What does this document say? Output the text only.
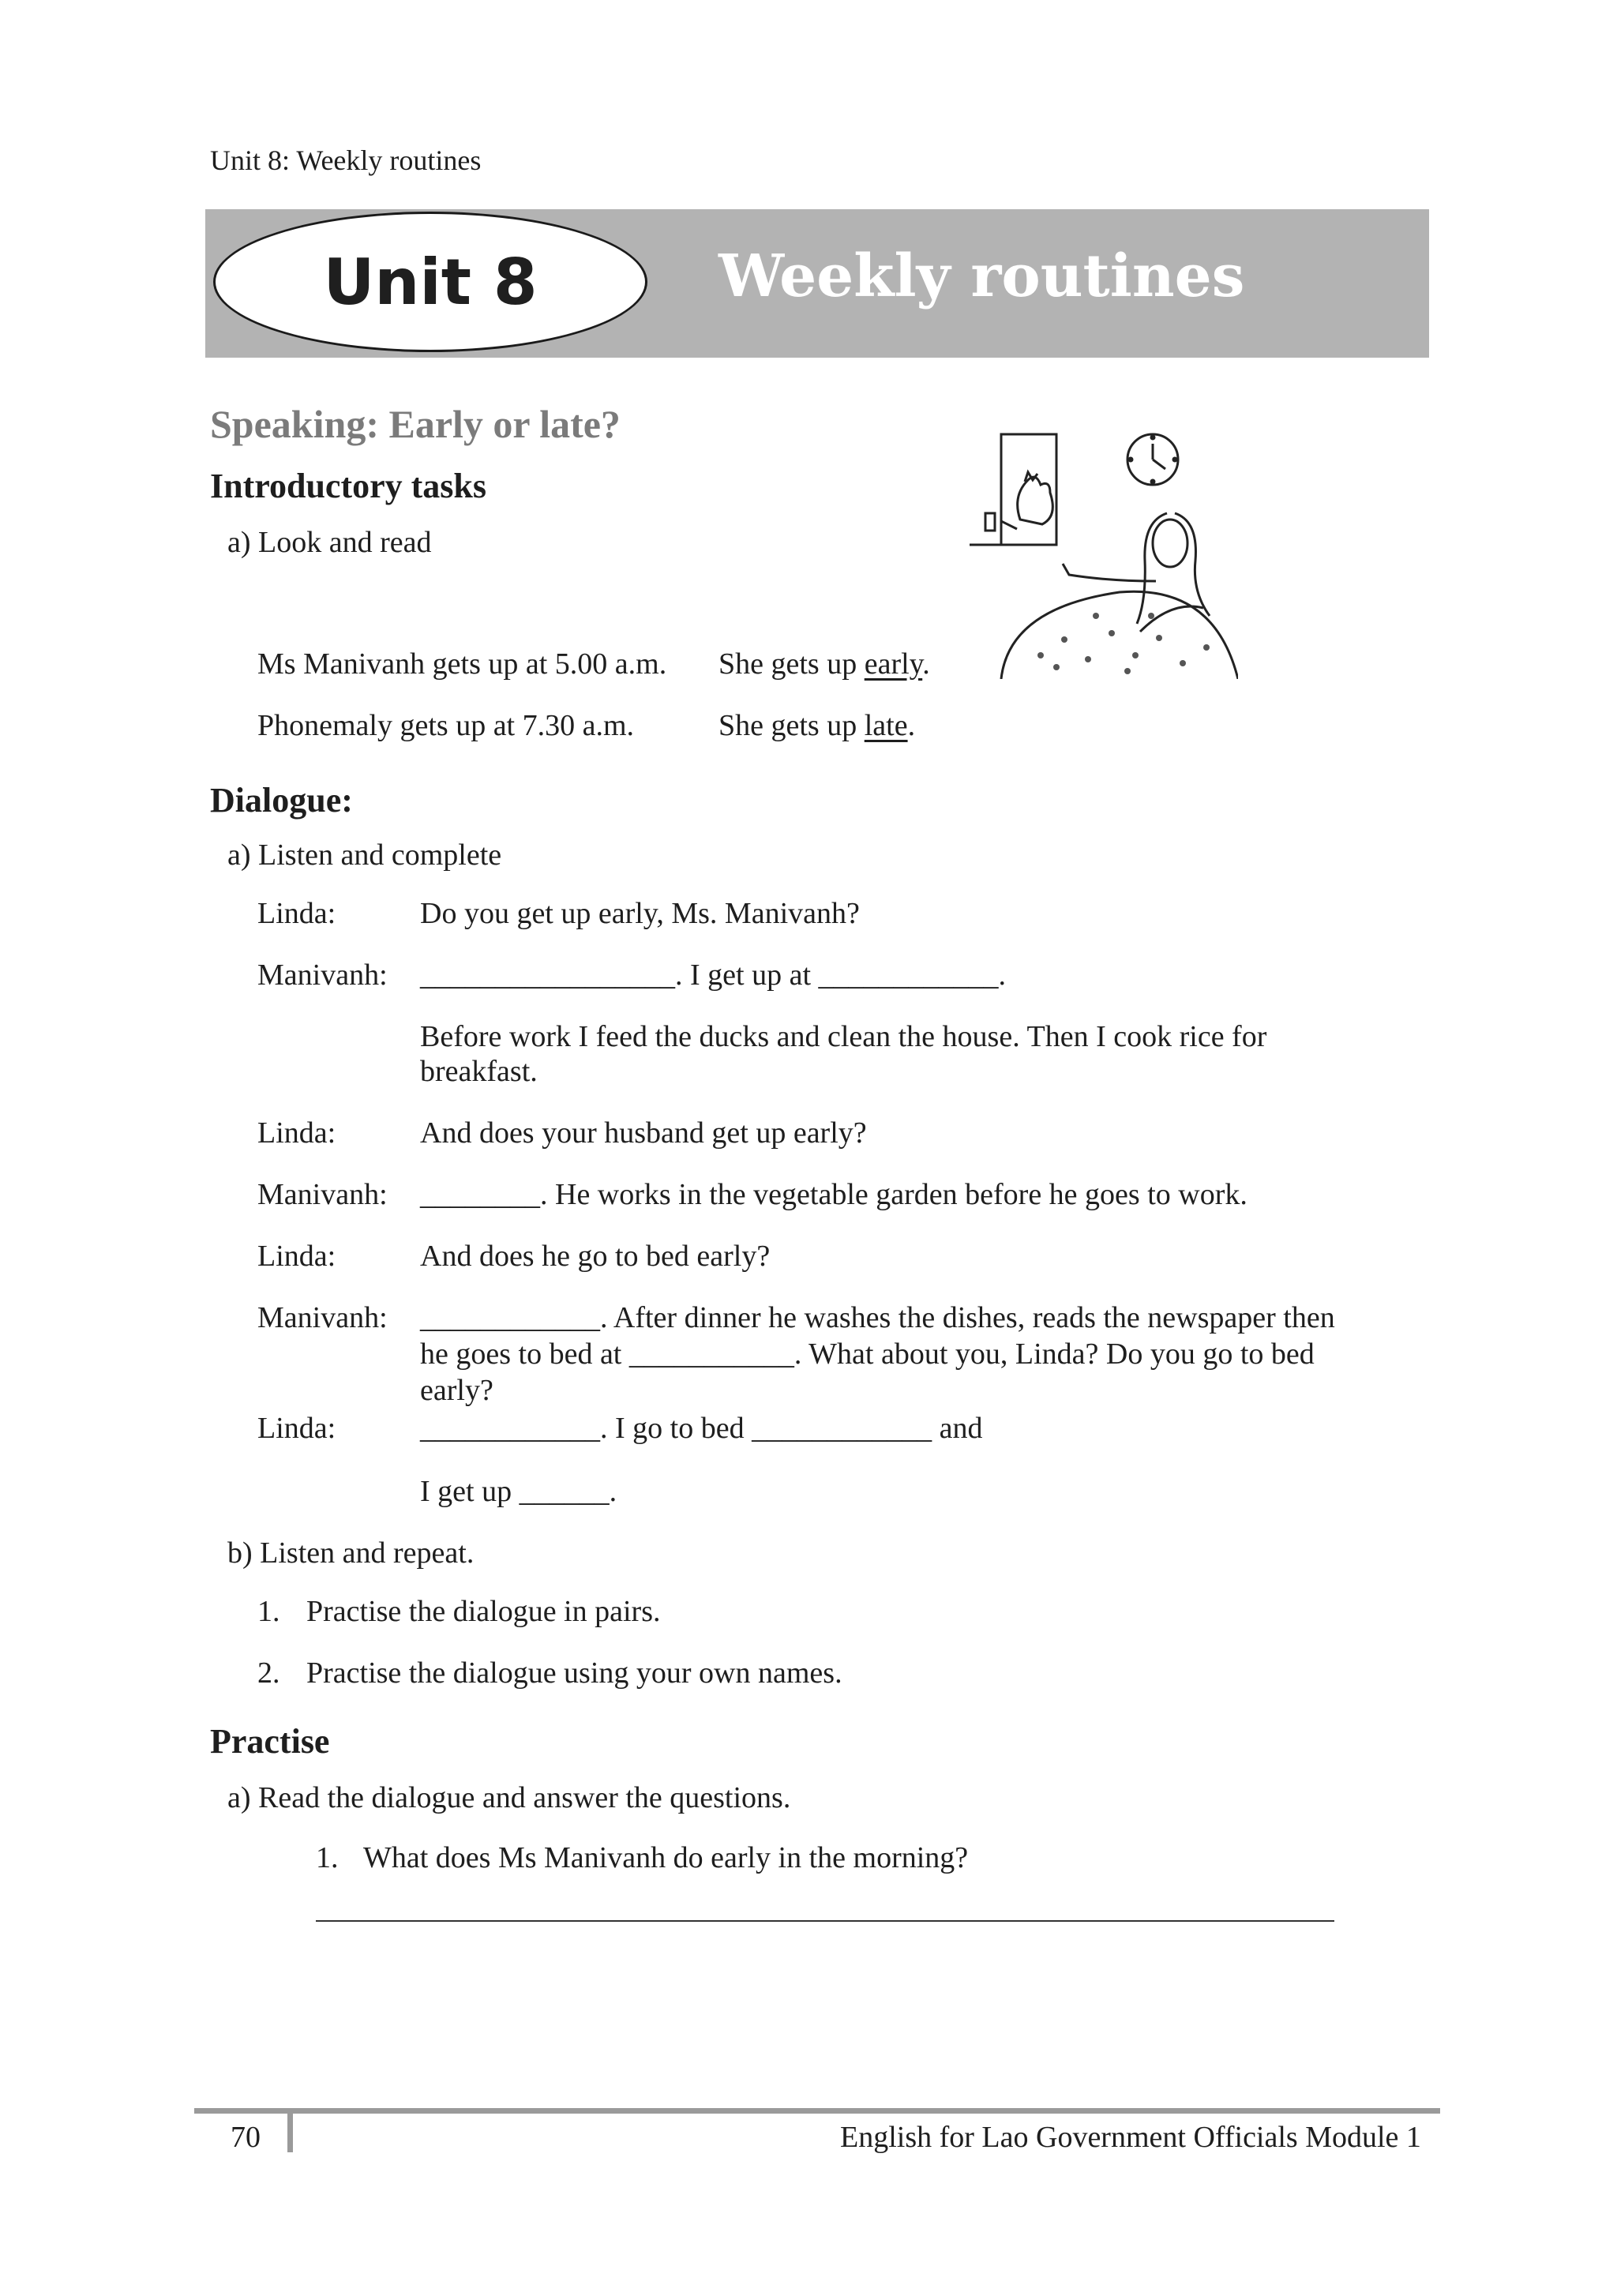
Unit 8: Weekly routines
Unit 8	Weekly routines
Speaking: Early or late?
Introductory tasks
a) Look and read
Ms Manivanh gets up at 5.00 a.m. She gets up early.
Phonemaly gets up at 7.30 a.m.	She gets up late.
Dialogue:
a) Listen and complete
Linda:	Do you get up early, Ms. Manivanh?
Manivanh: _________________. I get up at ____________.
Before work I feed the ducks and clean the house. Then I cook rice for
breakfast.
Linda:	And does your husband get up early?
Manivanh: ________. He works in the vegetable garden before he goes to work.
Linda:	And does he go to bed early?
Manivanh: ____________. After dinner he washes the dishes, reads the newspaper then
he goes to bed at ___________. What about you, Linda? Do you go to bed
early?
Linda:	____________. I go to bed ____________ and
I get up ______.
b) Listen and repeat.
1. Practise the dialogue in pairs.
2. Practise the dialogue using your own names.
Practise
a) Read the dialogue and answer the questions.
1. What does Ms Manivanh do early in the morning?
70	English for Lao Government Officials Module 1
